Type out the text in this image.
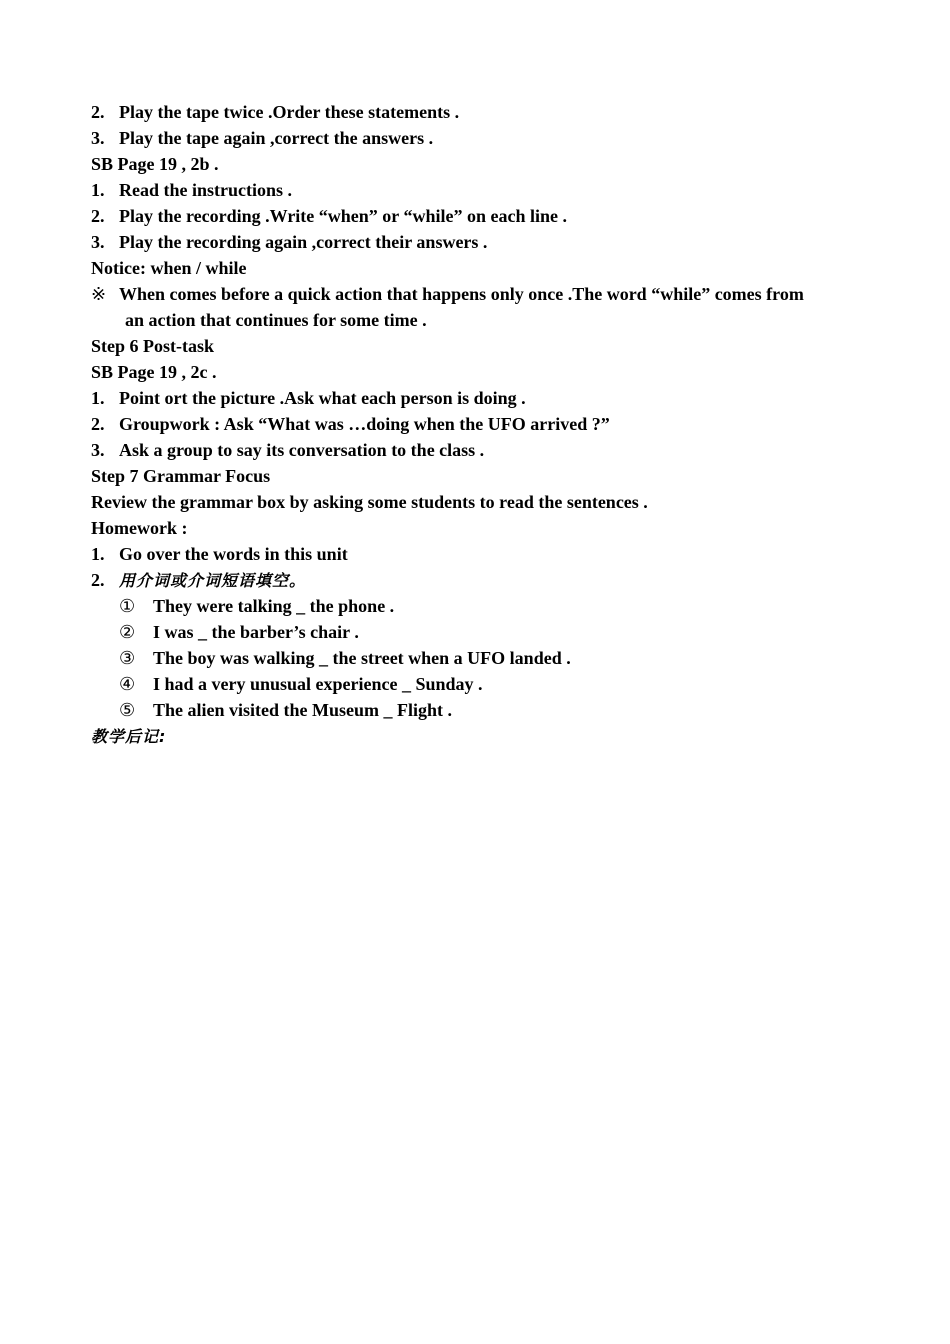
2. Play the tape twice .Order these statements .
3. Play the tape again ,correct the answers .
SB Page 19 , 2b .
1. Read the instructions .
2. Play the recording .Write “when” or “while” on each line .
3. Play the recording again ,correct their answers .
Notice: when / while
※ When comes before a quick action that happens only once .The word “while” comes from
an action that continues for some time .
Step 6 Post-task
SB Page 19 , 2c .
1. Point ort the picture .Ask what each person is doing .
2. Groupwork : Ask “What was …doing when the UFO arrived ?”
3. Ask a group to say its conversation to the class .
Step 7 Grammar Focus
Review the grammar box by asking some students to read the sentences .
Homework :
1. Go over the words in this unit
2. 用介词或介词短语填空。
① They were talking _ the phone .
② I was _ the barber’s chair .
③ The boy was walking _ the street when a UFO landed .
④ I had a very unusual experience _ Sunday .
⑤ The alien visited the Museum _ Flight .
教学后记:
